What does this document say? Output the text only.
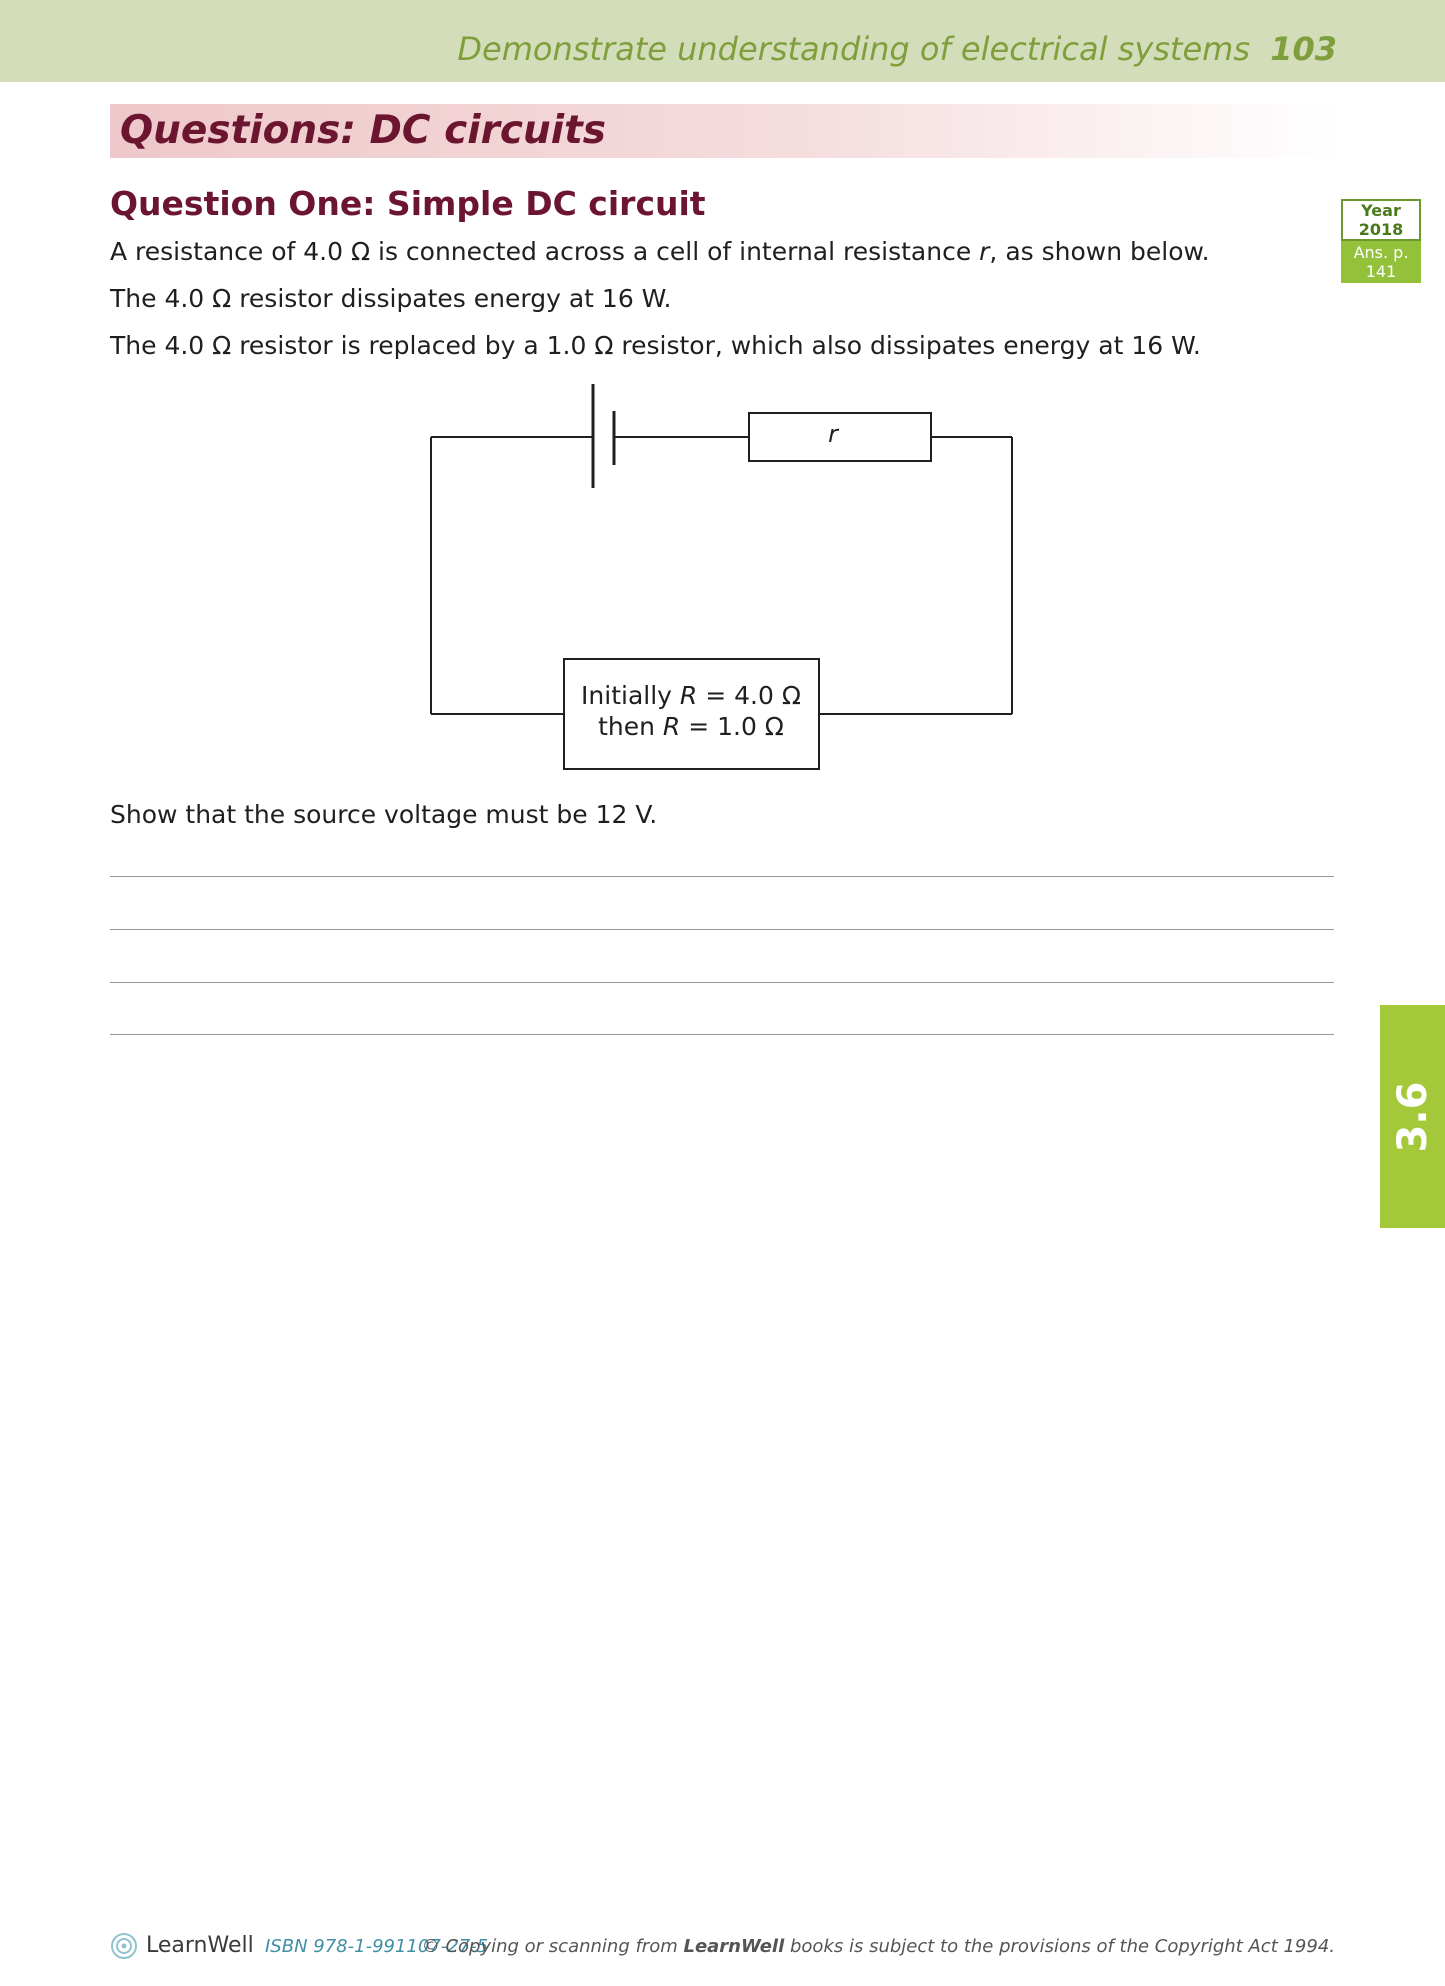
Demonstrate understanding of electrical systems 103
Questions: DC circuits
Question One: Simple DC circuit	Year 2018
Ans. p. 141
A resistance of 4.0 Ω is connected across a cell of internal resistance r, as shown below.
The 4.0 Ω resistor dissipates energy at 16 W.
The 4.0 Ω resistor is replaced by a 1.0 Ω resistor, which also dissipates energy at 16 W.
r
Initially R = 4.0 Ω
then R = 1.0 Ω
Show that the source voltage must be 12 V.
3.6
LearnWell ISBN 978-1-991107-27-5
© Copying or scanning from LearnWell books is subject to the provisions of the Copyright Act 1994.
